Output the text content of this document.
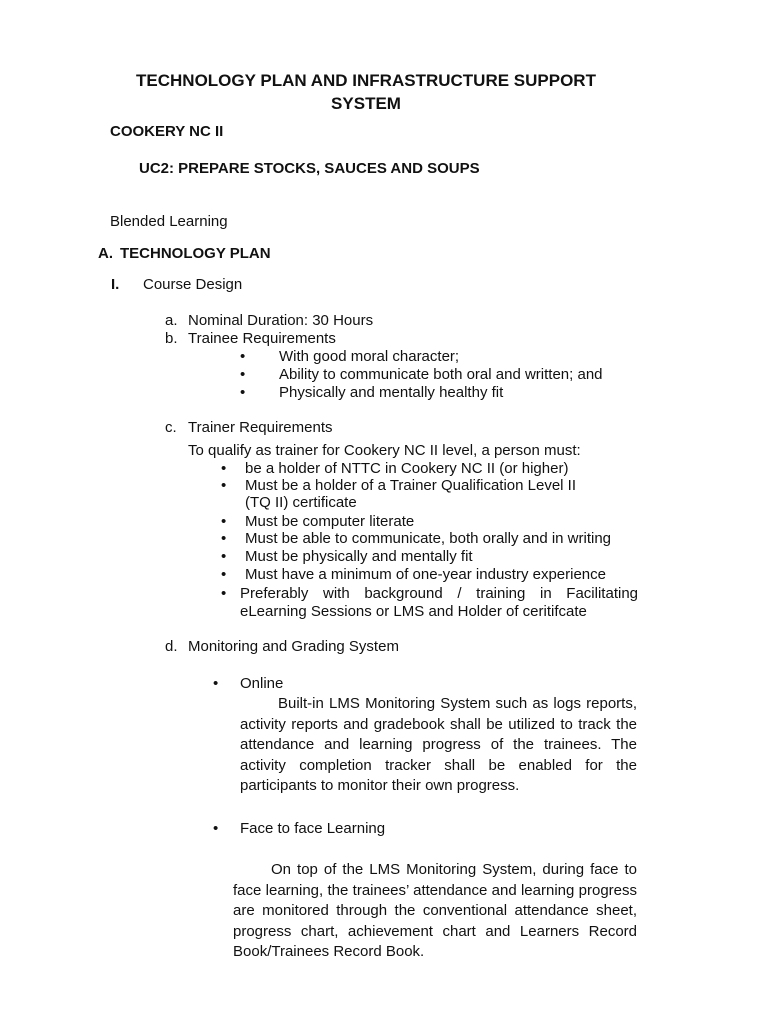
TECHNOLOGY PLAN AND INFRASTRUCTURE SUPPORT
SYSTEM
COOKERY NC II
UC2: PREPARE STOCKS, SAUCES AND SOUPS
Blended Learning
A. TECHNOLOGY PLAN
I. Course Design
a. Nominal Duration: 30 Hours
b. Trainee Requirements
• With good moral character;
• Ability to communicate both oral and written; and
• Physically and mentally healthy fit
c. Trainer Requirements
To qualify as trainer for Cookery NC II level, a person must:
• be a holder of NTTC in Cookery NC II (or higher)
• Must be a holder of a Trainer Qualification Level II
(TQ II) certificate
• Must be computer literate
• Must be able to communicate, both orally and in writing
• Must be physically and mentally fit
• Must have a minimum of one-year industry experience
• Preferably with background / training in Facilitating
eLearning Sessions or LMS and Holder of ceritifcate
d. Monitoring and Grading System
• Online
Built-in LMS Monitoring System such as logs reports, activity reports and gradebook shall be utilized to track the attendance and learning progress of the trainees. The activity completion tracker shall be enabled for the participants to monitor their own progress.
• Face to face Learning
On top of the LMS Monitoring System, during face to face learning, the trainees’ attendance and learning progress are monitored through the conventional attendance sheet, progress chart, achievement chart and Learners Record Book/Trainees Record Book.
